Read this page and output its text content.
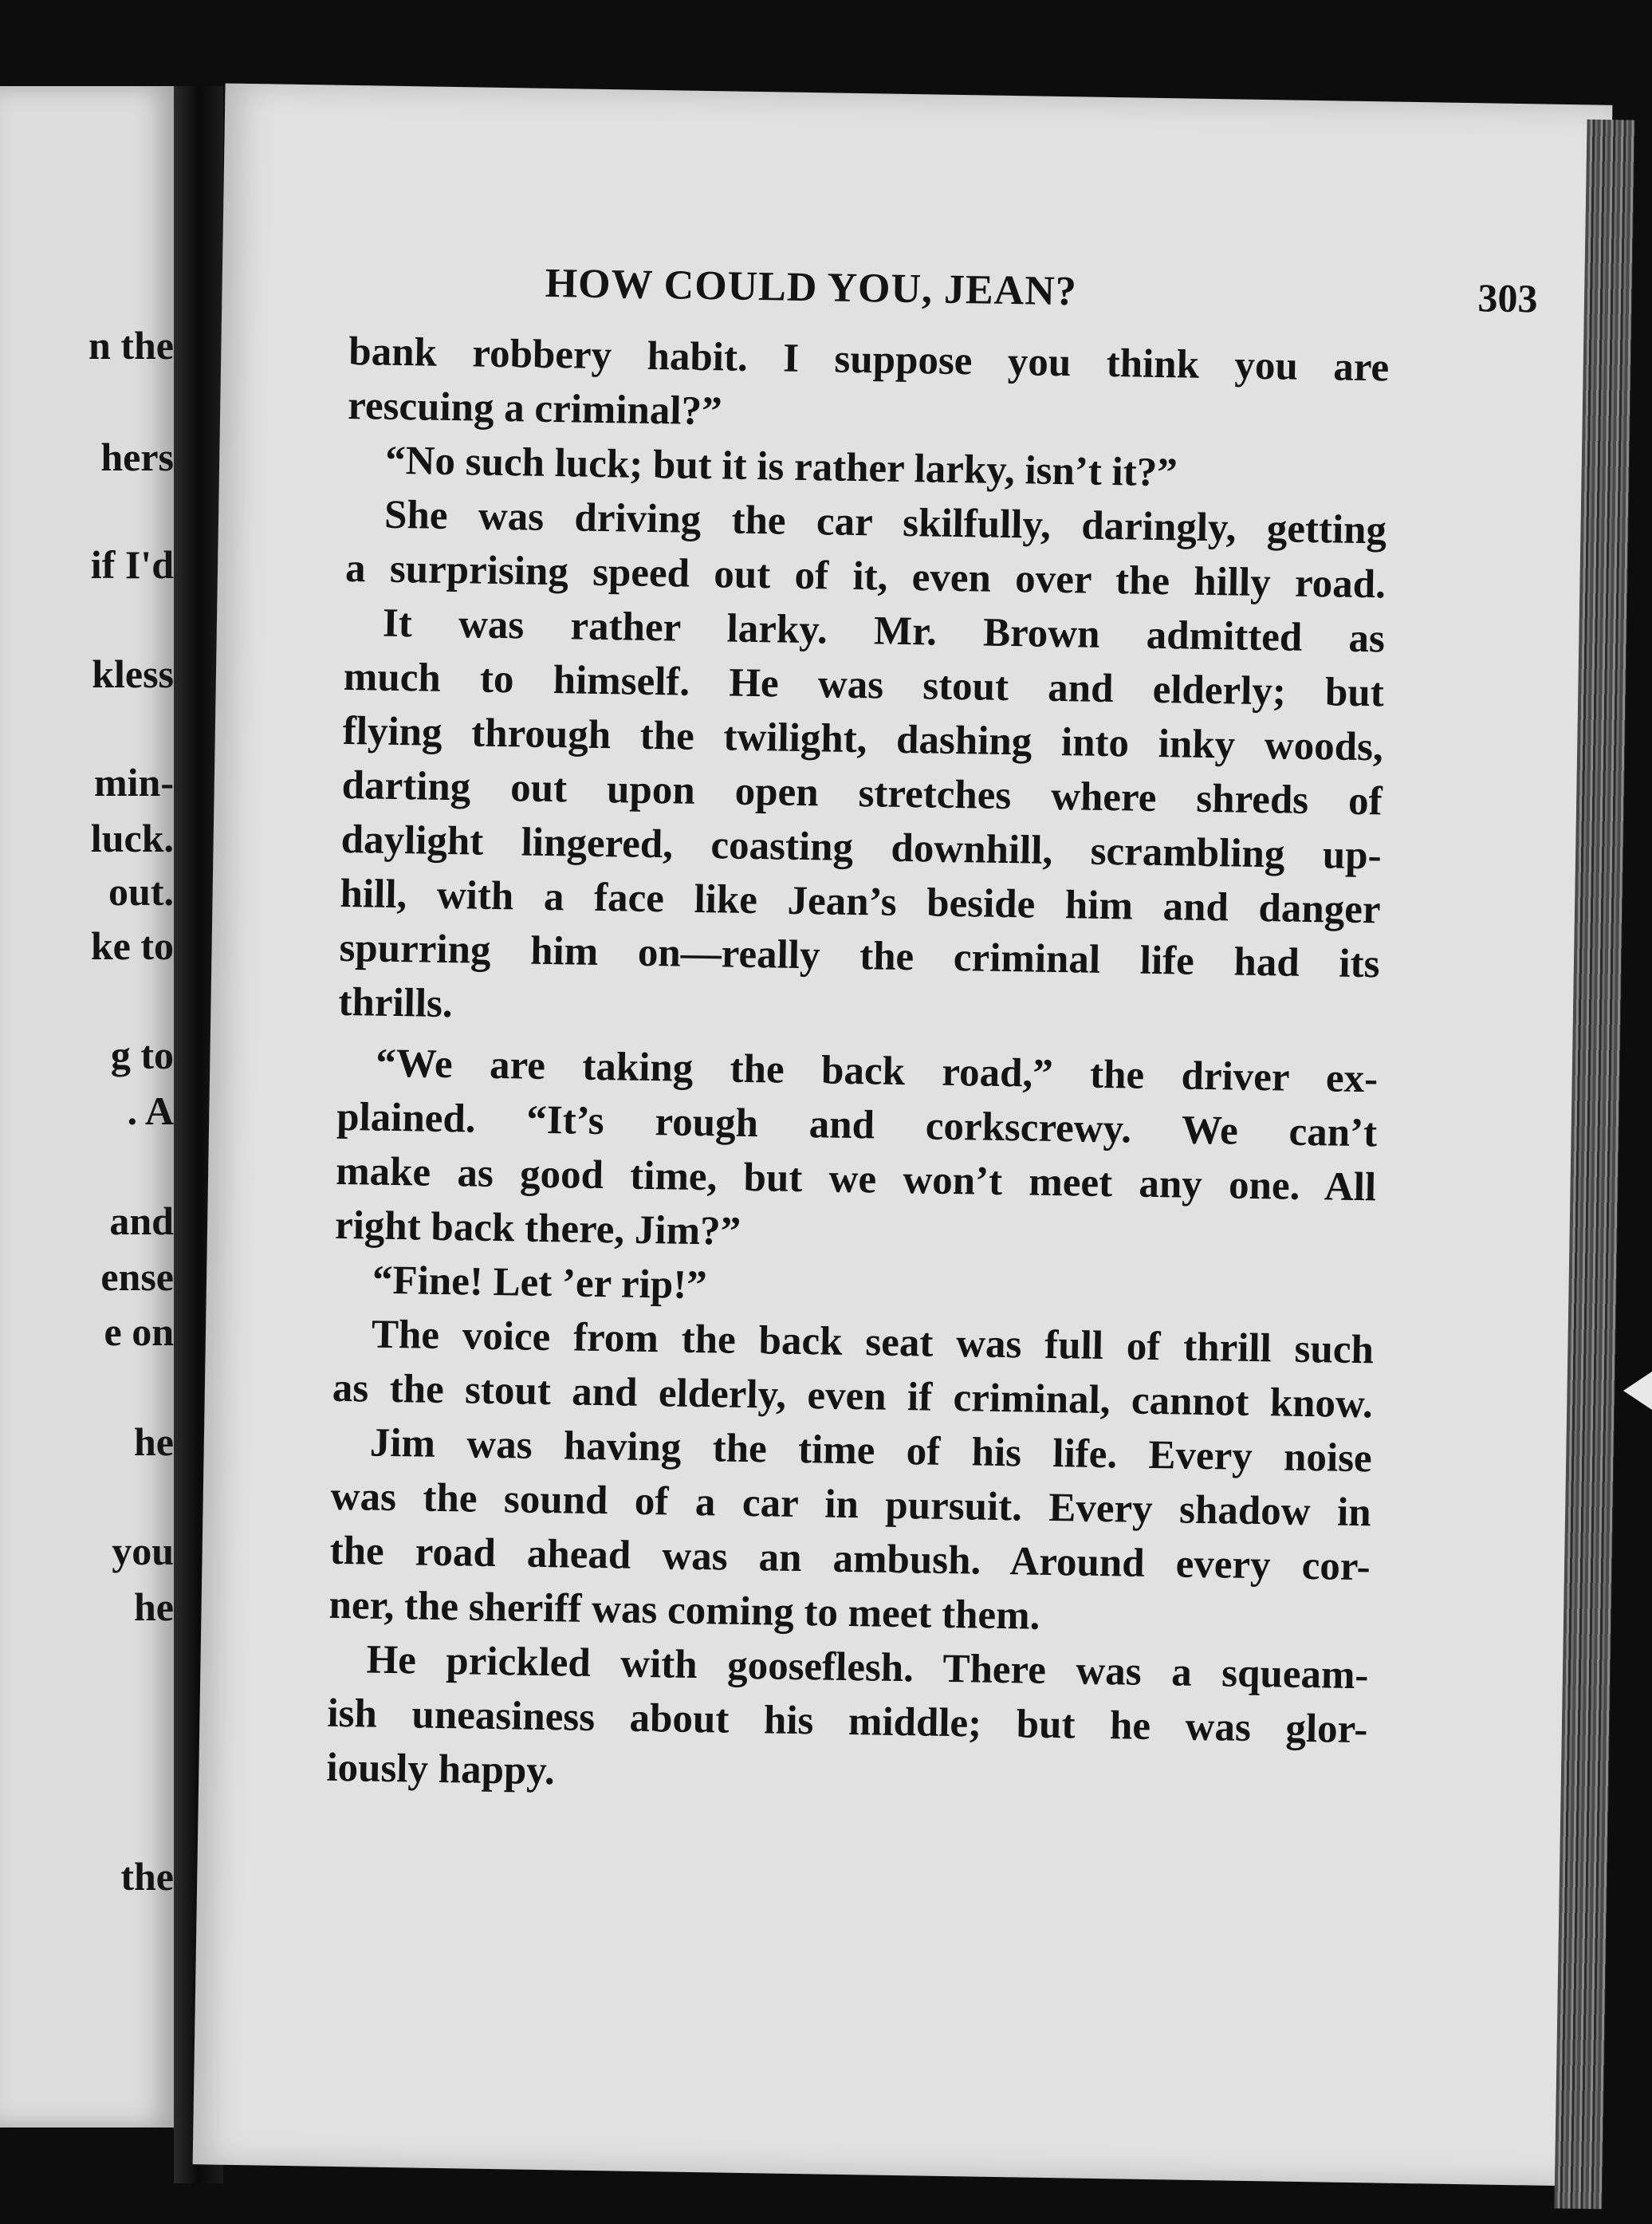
n the
hers
if I'd
kless
min-
luck.
out.
ke to
g to
. A
and
ense
e on
he
you
he
the
HOW COULD YOU, JEAN?	303
bank robbery habit. I suppose you think you are
rescuing a criminal?”
“No such luck; but it is rather larky, isn’t it?”
She was driving the car skilfully, daringly, getting
a surprising speed out of it, even over the hilly road.
It was rather larky. Mr. Brown admitted as
much to himself. He was stout and elderly; but
flying through the twilight, dashing into inky woods,
darting out upon open stretches where shreds of
daylight lingered, coasting downhill, scrambling up-
hill, with a face like Jean’s beside him and danger
spurring him on—really the criminal life had its
thrills.
“We are taking the back road,” the driver ex-
plained. “It’s rough and corkscrewy. We can’t
make as good time, but we won’t meet any one. All
right back there, Jim?”
“Fine! Let ’er rip!”
The voice from the back seat was full of thrill such
as the stout and elderly, even if criminal, cannot know.
Jim was having the time of his life. Every noise
was the sound of a car in pursuit. Every shadow in
the road ahead was an ambush. Around every cor-
ner, the sheriff was coming to meet them.
He prickled with gooseflesh. There was a squeam-
ish uneasiness about his middle; but he was glor-
iously happy.
